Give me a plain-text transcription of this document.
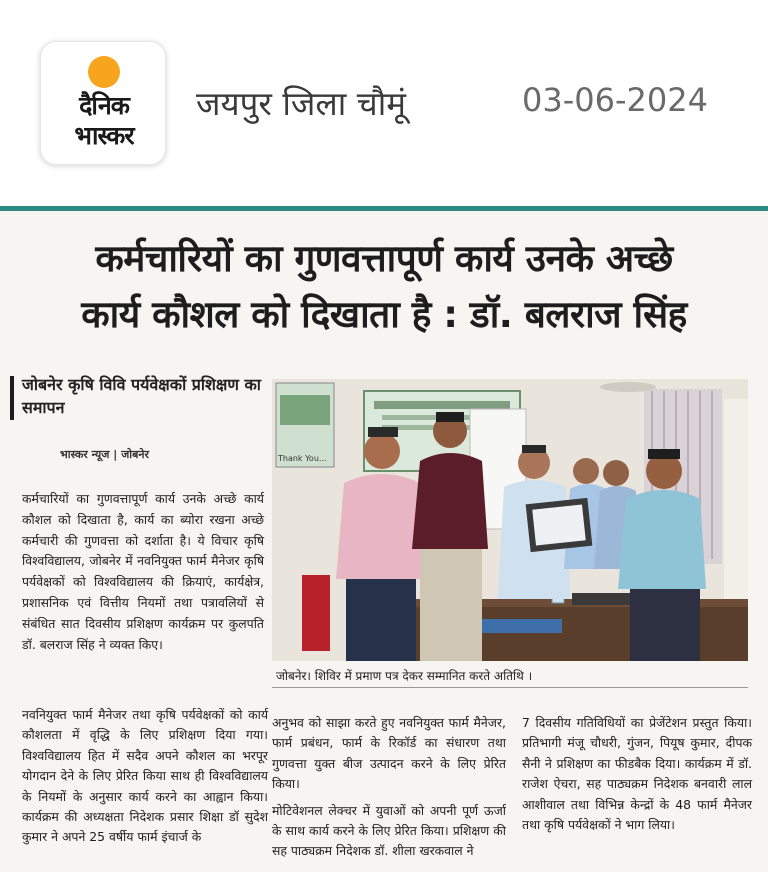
दैनिक
भास्कर
जयपुर जिला चौमूं	03-06-2024
कर्मचारियों का गुणवत्तापूर्ण कार्य उनके अच्छे
कार्य कौशल को दिखाता है : डॉ. बलराज सिंह
जोबनेर कृषि विवि पर्यवेक्षकों प्रशिक्षण का समापन
भास्कर न्यूज | जोबनेर
कर्मचारियों का गुणवत्तापूर्ण कार्य उनके अच्छे कार्य कौशल को दिखाता है, कार्य का ब्योरा रखना अच्छे कर्मचारी की गुणवत्ता को दर्शाता है। ये विचार कृषि विश्वविद्यालय, जोबनेर में नवनियुक्त फार्म मैनेजर कृषि पर्यवेक्षकों को विश्वविद्यालय की क्रियाएं, कार्यक्षेत्र, प्रशासनिक एवं वित्तीय नियमों तथा पत्रावलियों से संबंधित सात दिवसीय प्रशिक्षण कार्यक्रम पर कुलपति डॉ. बलराज सिंह ने व्यक्त किए।
Thank You...
जोबनेर। शिविर में प्रमाण पत्र देकर सम्मानित करते अतिथि ।
नवनियुक्त फार्म मैनेजर तथा कृषि पर्यवेक्षकों को कार्य कौशलता में वृद्धि के लिए प्रशिक्षण दिया गया। विश्वविद्यालय हित में सदैव अपने कौशल का भरपूर योगदान देने के लिए प्रेरित किया साथ ही विश्वविद्यालय के नियमों के अनुसार कार्य करने का आह्वान किया।कार्यक्रम की अध्यक्षता निदेशक प्रसार शिक्षा डॉ सुदेश कुमार ने अपने 25 वर्षीय फार्म इंचार्ज के
अनुभव को साझा करते हुए नवनियुक्त फार्म मैनेजर, फार्म प्रबंधन, फार्म के रिकॉर्ड का संधारण तथा गुणवत्ता युक्त बीज उत्पादन करने के लिए प्रेरित किया।
मोटिवेशनल लेक्चर में युवाओं को अपनी पूर्ण ऊर्जा के साथ कार्य करने के लिए प्रेरित किया। प्रशिक्षण की सह पाठ्यक्रम निदेशक डॉ. शीला खरकवाल ने
7 दिवसीय गतिविधियों का प्रेजेंटेशन प्रस्तुत किया। प्रतिभागी मंजू चौधरी, गुंजन, पियूष कुमार, दीपक सैनी ने प्रशिक्षण का फीडबैक दिया। कार्यक्रम में डॉ. राजेश ऐचरा, सह पाठ्यक्रम निदेशक बनवारी लाल आशीवाल तथा विभिन्न केन्द्रों के 48 फार्म मैनेजर तथा कृषि पर्यवेक्षकों ने भाग लिया।
